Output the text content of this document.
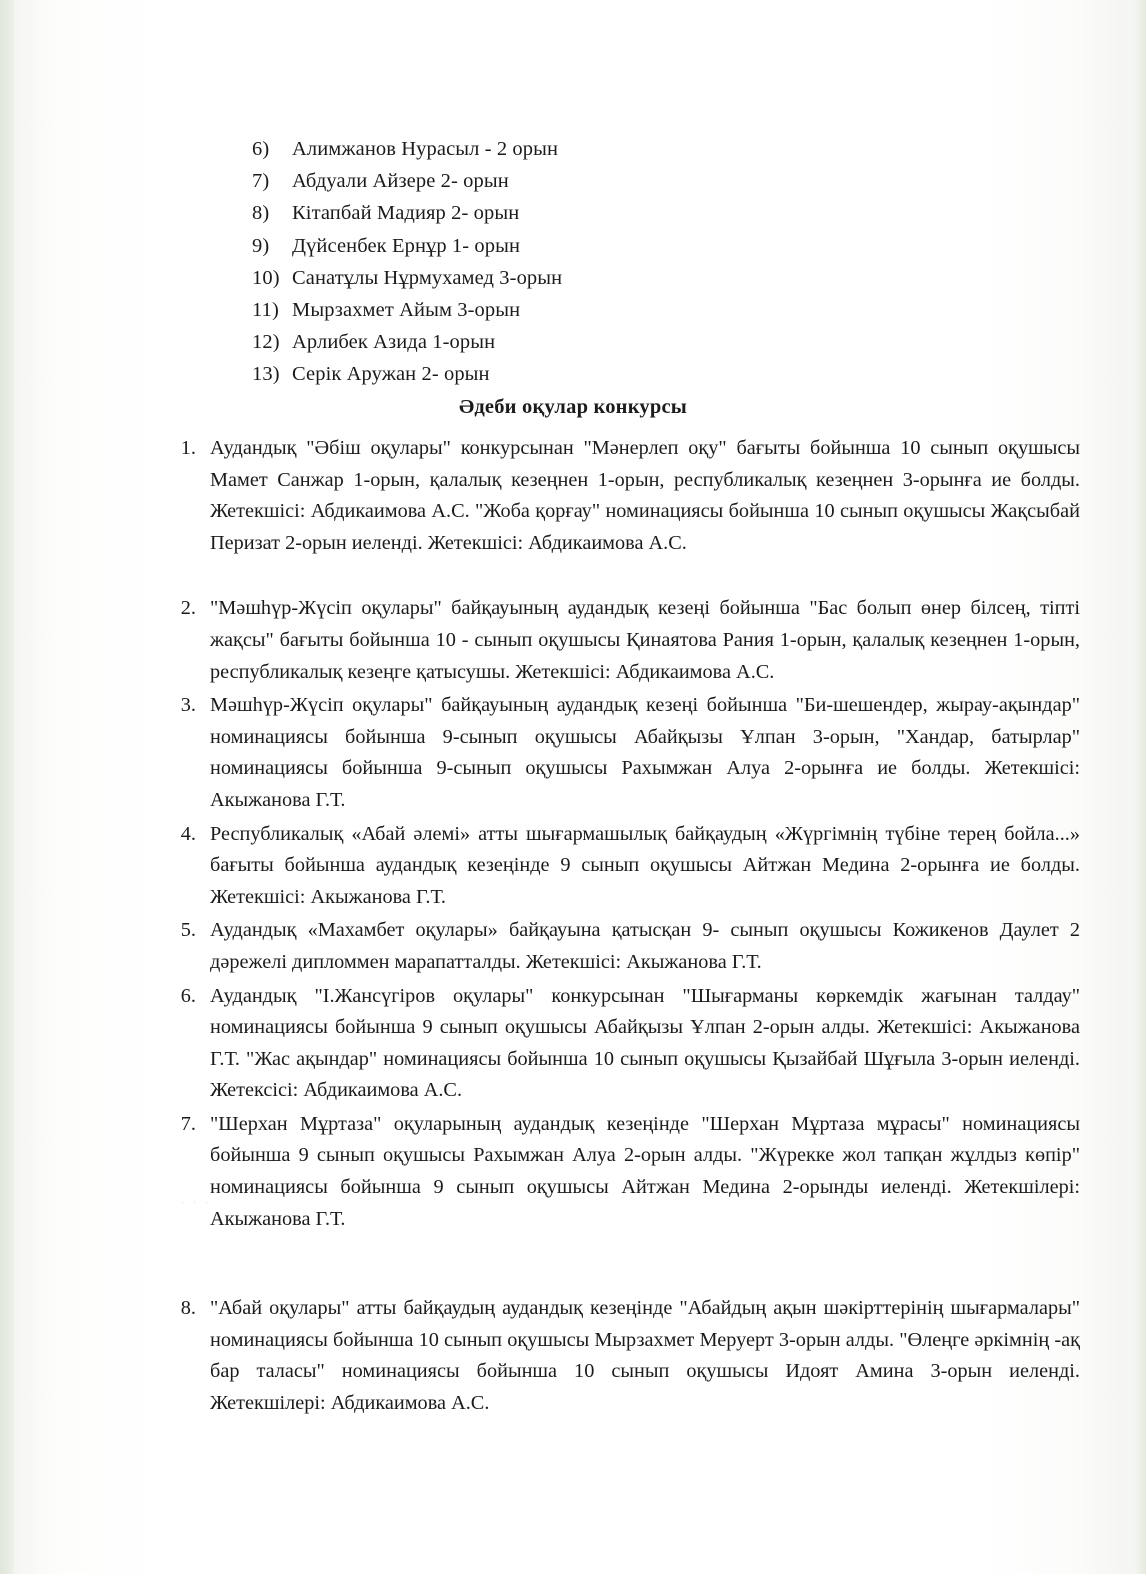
6)	Алимжанов Нурасыл - 2 орын
7)	Абдуали Айзере 2- орын
8)	Кітапбай Мадияр 2- орын
9)	Дүйсенбек Ернұр 1- орын
10) Санатұлы Нұрмухамед 3-орын
11) Мырзахмет Айым 3-орын
12) Арлибек Азида 1-орын
13) Серік Аружан 2- орын
Әдеби оқулар конкурсы
1. Аудандық "Әбіш оқулары" конкурсынан "Мәнерлеп оқу" бағыты бойынша 10 сынып оқушысы Мамет Санжар 1-орын, қалалық кезеңнен 1-орын, республикалық кезеңнен 3-орынға ие болды. Жетекшісі: Абдикаимова А.С. "Жоба қорғау" номинациясы бойынша 10 сынып оқушысы Жақсыбай Перизат 2-орын иеленді. Жетекшісі: Абдикаимова А.С.
2. "Мәшһүр-Жүсіп оқулары" байқауының аудандық кезеңі бойынша "Бас болып өнер білсең, тіпті жақсы" бағыты бойынша 10 - сынып оқушысы Қинаятова Рания 1-орын, қалалық кезеңнен 1-орын, республикалық кезеңге қатысушы. Жетекшісі: Абдикаимова А.С.
3. Мәшһүр-Жүсіп оқулары" байқауының аудандық кезеңі бойынша "Би-шешендер, жырау-ақындар" номинациясы бойынша 9-сынып оқушысы Абайқызы Ұлпан 3-орын, "Хандар, батырлар" номинациясы бойынша 9-сынып оқушысы Рахымжан Алуа 2-орынға ие болды. Жетекшісі: Акыжанова Г.Т.
4. Республикалық «Абай әлемі» атты шығармашылық байқаудың «Жүргімнің түбіне терең бойла...» бағыты бойынша аудандық кезеңінде 9 сынып оқушысы Айтжан Медина 2-орынға ие болды. Жетекшісі: Акыжанова Г.Т.
5. Аудандық «Махамбет оқулары» байқауына қатысқан 9- сынып оқушысы Кожикенов Даулет 2 дәрежелі дипломмен марапатталды. Жетекшісі: Акыжанова Г.Т.
6. Аудандық "І.Жансүгіров оқулары" конкурсынан "Шығарманы көркемдік жағынан талдау" номинациясы бойынша 9 сынып оқушысы Абайқызы Ұлпан 2-орын алды. Жетекшісі: Акыжанова Г.Т. "Жас ақындар" номинациясы бойынша 10 сынып оқушысы Қызайбай Шұғыла 3-орын иеленді. Жетексісі: Абдикаимова А.С.
7. "Шерхан Мұртаза" оқуларының аудандық кезеңінде "Шерхан Мұртаза мұрасы" номинациясы бойынша 9 сынып оқушысы Рахымжан Алуа 2-орын алды. "Жүрекке жол тапқан жұлдыз көпір" номинациясы бойынша 9 сынып оқушысы Айтжан Медина 2-орынды иеленді. Жетекшілері: Акыжанова Г.Т.
8. "Абай оқулары" атты байқаудың аудандық кезеңінде "Абайдың ақын шәкірттерінің шығармалары" номинациясы бойынша 10 сынып оқушысы Мырзахмет Меруерт 3-орын алды. "Өлеңге әркімнің -ақ бар таласы" номинациясы бойынша 10 сынып оқушысы Идоят Амина 3-орын иеленді. Жетекшілері: Абдикаимова А.С.
· · ·
